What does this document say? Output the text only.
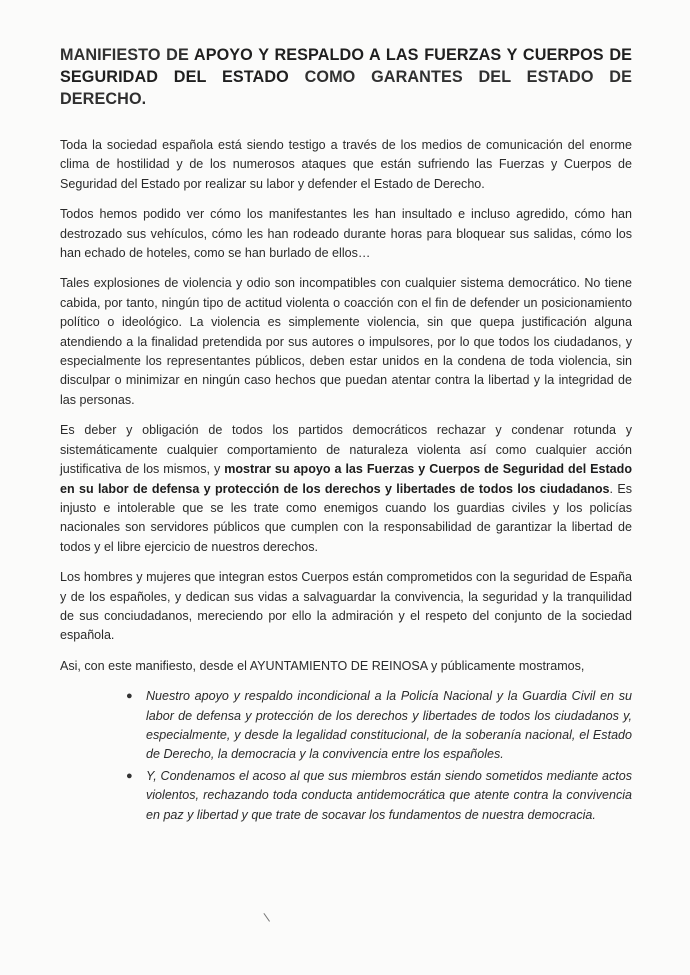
MANIFIESTO DE APOYO Y RESPALDO A LAS FUERZAS Y CUERPOS DE SEGURIDAD DEL ESTADO COMO GARANTES DEL ESTADO DE DERECHO.

Toda la sociedad española está siendo testigo a través de los medios de comunicación del enorme clima de hostilidad y de los numerosos ataques que están sufriendo las Fuerzas y Cuerpos de Seguridad del Estado por realizar su labor y defender el Estado de Derecho.

Todos hemos podido ver cómo los manifestantes les han insultado e incluso agredido, cómo han destrozado sus vehículos, cómo les han rodeado durante horas para bloquear sus salidas, cómo los han echado de hoteles, como se han burlado de ellos…

Tales explosiones de violencia y odio son incompatibles con cualquier sistema democrático. No tiene cabida, por tanto, ningún tipo de actitud violenta o coacción con el fin de defender un posicionamiento político o ideológico. La violencia es simplemente violencia, sin que quepa justificación alguna atendiendo a la finalidad pretendida por sus autores o impulsores, por lo que todos los ciudadanos, y especialmente los representantes públicos, deben estar unidos en la condena de toda violencia, sin disculpar o minimizar en ningún caso hechos que puedan atentar contra la libertad y la integridad de las personas.

Es deber y obligación de todos los partidos democráticos rechazar y condenar rotunda y sistemáticamente cualquier comportamiento de naturaleza violenta así como cualquier acción justificativa de los mismos, y mostrar su apoyo a las Fuerzas y Cuerpos de Seguridad del Estado en su labor de defensa y protección de los derechos y libertades de todos los ciudadanos. Es injusto e intolerable que se les trate como enemigos cuando los guardias civiles y los policías nacionales son servidores públicos que cumplen con la responsabilidad de garantizar la libertad de todos y el libre ejercicio de nuestros derechos.

Los hombres y mujeres que integran estos Cuerpos están comprometidos con la seguridad de España y de los españoles, y dedican sus vidas a salvaguardar la convivencia, la seguridad y la tranquilidad de sus conciudadanos, mereciendo por ello la admiración y el respeto del conjunto de la sociedad española.

Asi, con este manifiesto, desde el AYUNTAMIENTO DE REINOSA y públicamente mostramos,

● Nuestro apoyo y respaldo incondicional a la Policía Nacional y la Guardia Civil en su labor de defensa y protección de los derechos y libertades de todos los ciudadanos y, especialmente, y desde la legalidad constitucional, de la soberanía nacional, el Estado de Derecho, la democracia y la convivencia entre los españoles.
● Y, Condenamos el acoso al que sus miembros están siendo sometidos mediante actos violentos, rechazando toda conducta antidemocrática que atente contra la convivencia en paz y libertad y que trate de socavar los fundamentos de nuestra democracia.
\
